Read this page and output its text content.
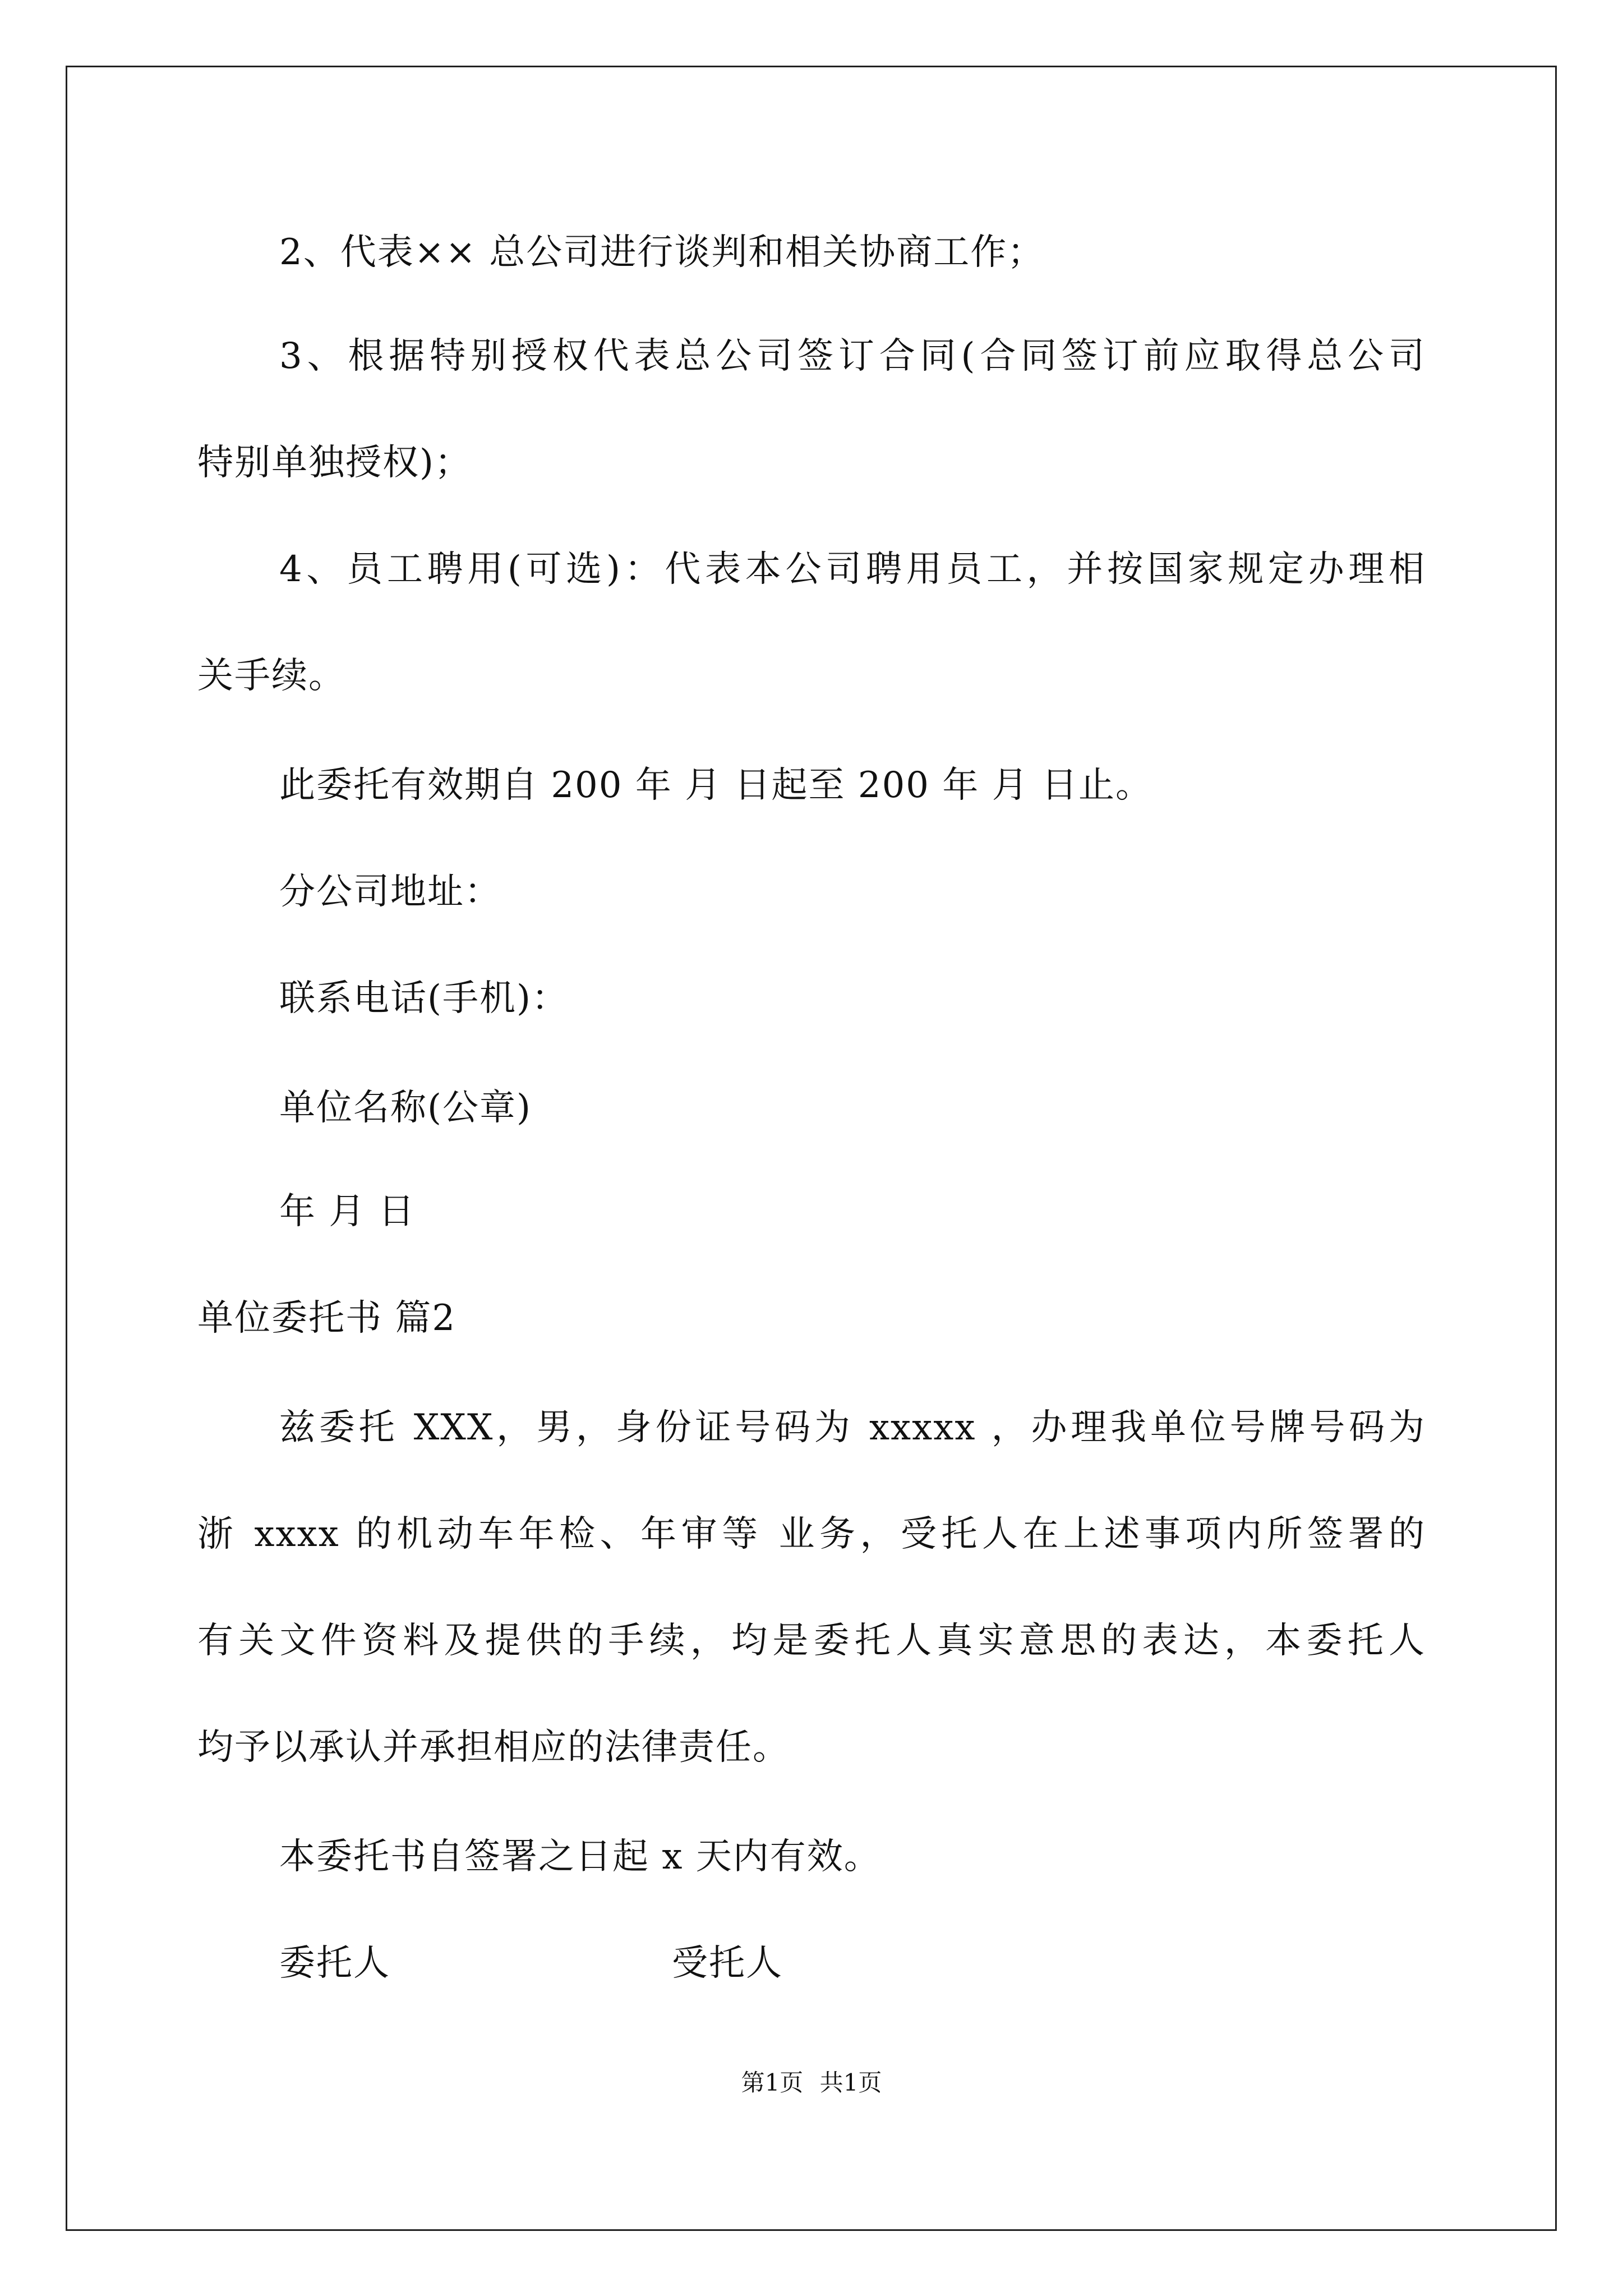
2、代表×× 总公司进行谈判和相关协商工作；
3、根据特别授权代表总公司签订合同(合同签订前应取得总公司
特别单独授权)；
4、员工聘用(可选)：代表本公司聘用员工，并按国家规定办理相
关手续。
此委托有效期自 200 年 月 日起至 200 年 月 日止。
分公司地址：
联系电话(手机)：
单位名称(公章)
年 月 日
单位委托书 篇2
兹委托 XXX，男，身份证号码为 xxxxx ，办理我单位号牌号码为
浙 xxxx 的机动车年检、年审等 业务，受托人在上述事项内所签署的
有关文件资料及提供的手续，均是委托人真实意思的表达，本委托人
均予以承认并承担相应的法律责任。
本委托书自签署之日起 x 天内有效。
委托人	受托人
第1页 共1页
